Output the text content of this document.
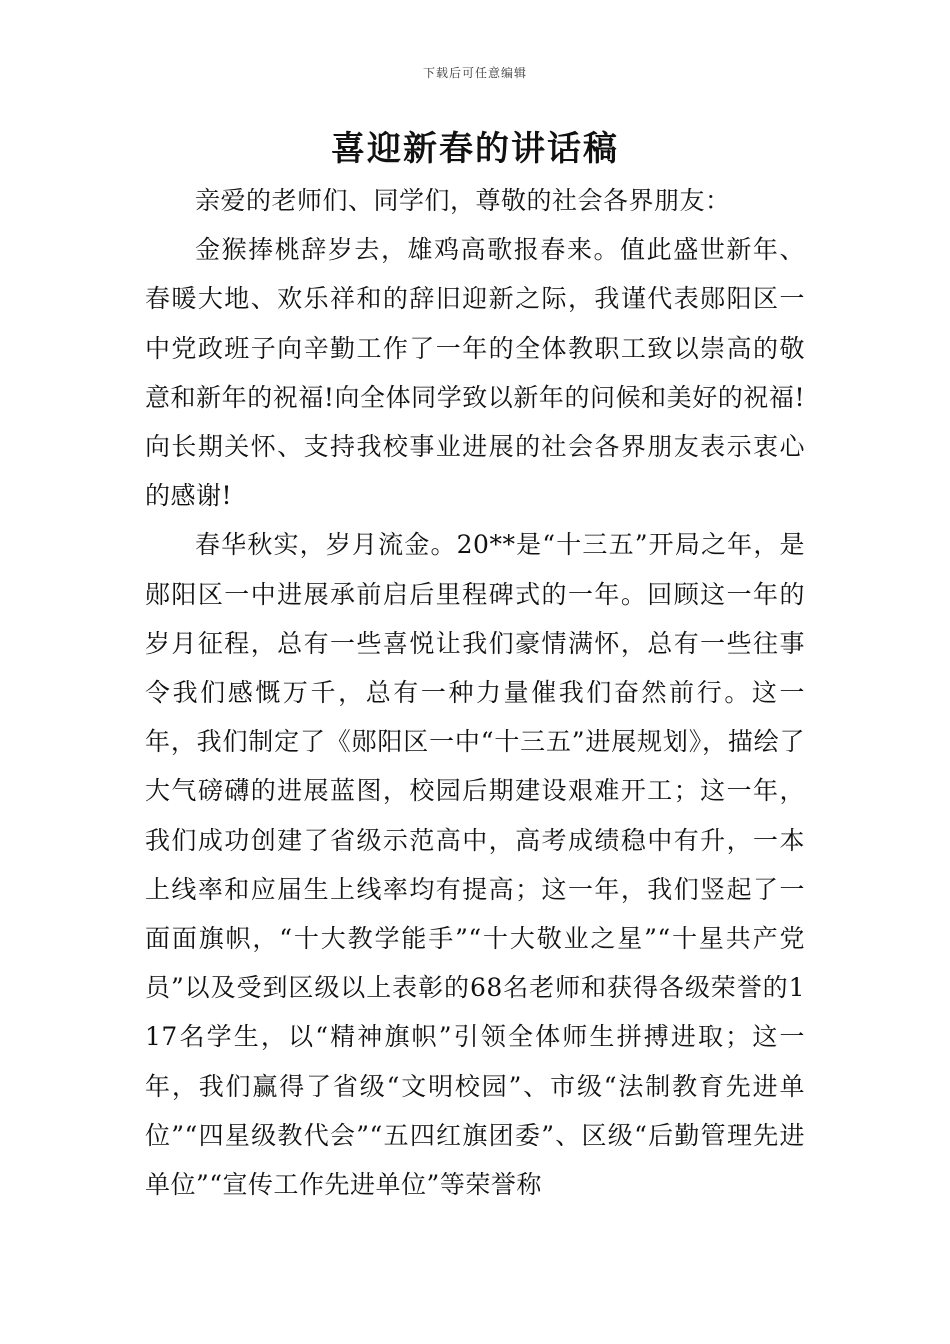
下载后可任意编辑
喜迎新春的讲话稿

亲爱的老师们、同学们，尊敬的社会各界朋友：

金猴捧桃辞岁去，雄鸡高歌报春来。值此盛世新年、春暖大地、欢乐祥和的辞旧迎新之际，我谨代表郧阳区一中党政班子向辛勤工作了一年的全体教职工致以崇高的敬意和新年的祝福!向全体同学致以新年的问候和美好的祝福!向长期关怀、支持我校事业进展的社会各界朋友表示衷心的感谢!

春华秋实，岁月流金。20**是“十三五”开局之年，是郧阳区一中进展承前启后里程碑式的一年。回顾这一年的岁月征程，总有一些喜悦让我们豪情满怀，总有一些往事令我们感慨万千，总有一种力量催我们奋然前行。这一年，我们制定了《郧阳区一中“十三五”进展规划》，描绘了大气磅礴的进展蓝图，校园后期建设艰难开工；这一年，我们成功创建了省级示范高中，高考成绩稳中有升，一本上线率和应届生上线率均有提高；这一年，我们竖起了一面面旗帜，“十大教学能手”“十大敬业之星”“十星共产党员”以及受到区级以上表彰的68名老师和获得各级荣誉的117名学生，以“精神旗帜”引领全体师生拼搏进取；这一年，我们赢得了省级“文明校园”、市级“法制教育先进单位”“四星级教代会”“五四红旗团委”、区级“后勤管理先进单位”“宣传工作先进单位”等荣誉称
